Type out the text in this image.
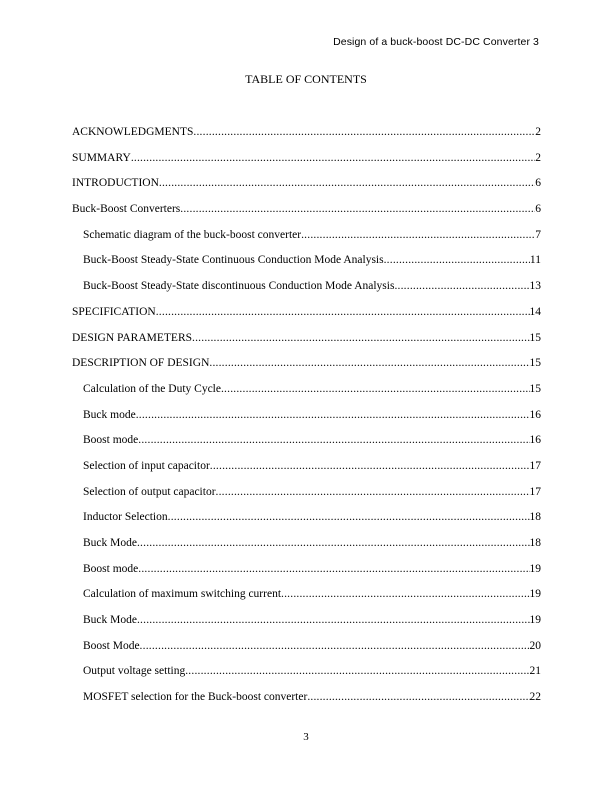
Design of a buck-boost DC-DC Converter 3
TABLE OF CONTENTS
ACKNOWLEDGMENTS .....	2
SUMMARY .....	2
INTRODUCTION .....	6
Buck-Boost Converters .....	6
Schematic diagram of the buck-boost converter .....	7
Buck-Boost Steady-State Continuous Conduction Mode Analysis .....	11
Buck-Boost Steady-State discontinuous Conduction Mode Analysis .....	13
SPECIFICATION .....	14
DESIGN PARAMETERS .....	15
DESCRIPTION OF DESIGN .....	15
Calculation of the Duty Cycle .....	15
Buck mode .....	16
Boost mode .....	16
Selection of input capacitor .....	17
Selection of output capacitor .....	17
Inductor Selection .....	18
Buck Mode .....	18
Boost mode .....	19
Calculation of maximum switching current .....	19
Buck Mode .....	19
Boost Mode .....	20
Output voltage setting .....	21
MOSFET selection for the Buck-boost converter .....	22
3
